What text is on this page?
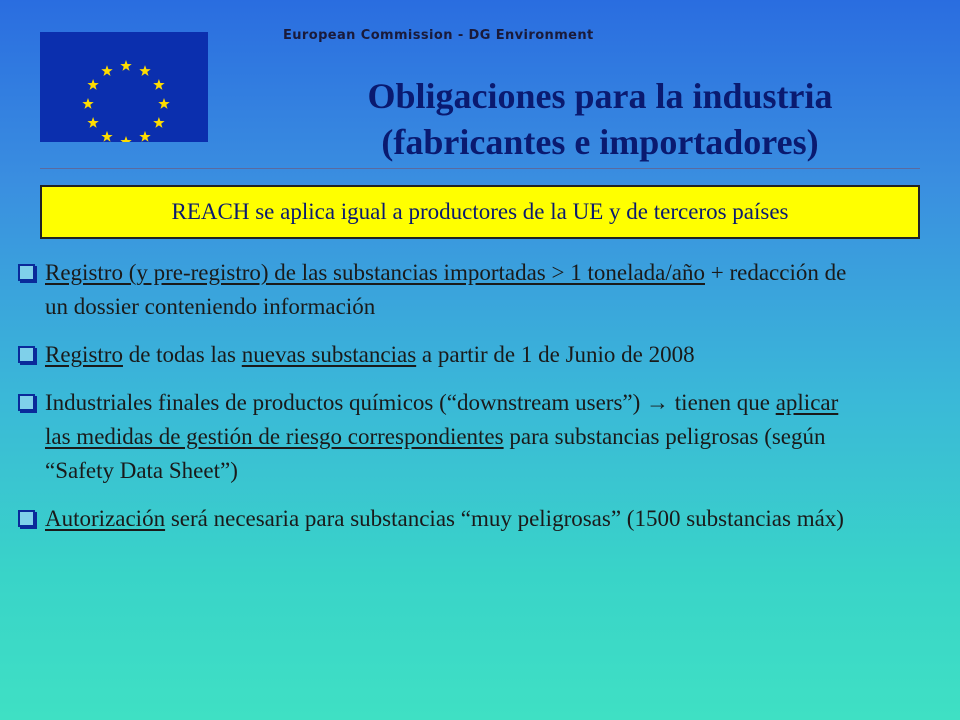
European Commission - DG Environment
Obligaciones para la industria
(fabricantes e importadores)
REACH se aplica igual a productores de la UE y de terceros países
Registro (y pre-registro) de las substancias importadas > 1 tonelada/año + redacción de un dossier conteniendo información
Registro de todas las nuevas substancias a partir de 1 de Junio de 2008
Industriales finales de productos químicos (“downstream users”) → tienen que aplicar las medidas de gestión de riesgo correspondientes para substancias peligrosas (según “Safety Data Sheet”)
Autorización será necesaria para substancias “muy peligrosas” (1500 substancias máx)
